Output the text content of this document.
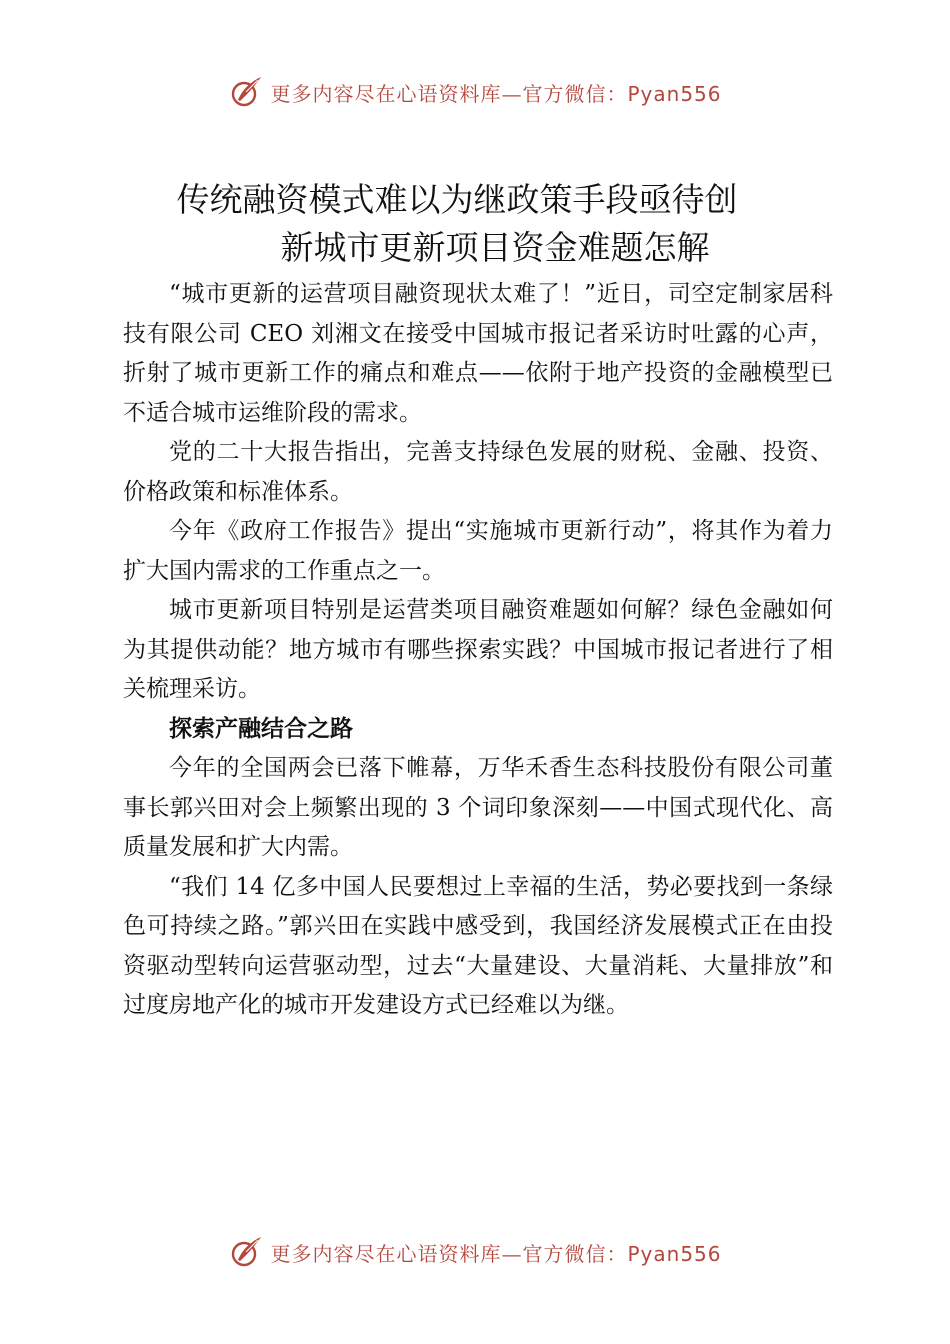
更多内容尽在心语资料库—官方微信：Pyan556
传统融资模式难以为继政策手段亟待创
新城市更新项目资金难题怎解

“城市更新的运营项目融资现状太难了！”近日，司空定制家居科技有限公司 CEO 刘湘文在接受中国城市报记者采访时吐露的心声，折射了城市更新工作的痛点和难点——依附于地产投资的金融模型已不适合城市运维阶段的需求。

党的二十大报告指出，完善支持绿色发展的财税、金融、投资、价格政策和标准体系。

今年《政府工作报告》提出“实施城市更新行动”，将其作为着力扩大国内需求的工作重点之一。

城市更新项目特别是运营类项目融资难题如何解？绿色金融如何为其提供动能？地方城市有哪些探索实践？中国城市报记者进行了相关梳理采访。

探索产融结合之路

今年的全国两会已落下帷幕，万华禾香生态科技股份有限公司董事长郭兴田对会上频繁出现的 3 个词印象深刻——中国式现代化、高质量发展和扩大内需。

“我们 14 亿多中国人民要想过上幸福的生活，势必要找到一条绿色可持续之路。”郭兴田在实践中感受到，我国经济发展模式正在由投资驱动型转向运营驱动型，过去“大量建设、大量消耗、大量排放”和过度房地产化的城市开发建设方式已经难以为继。

更多内容尽在心语资料库—官方微信：Pyan556
